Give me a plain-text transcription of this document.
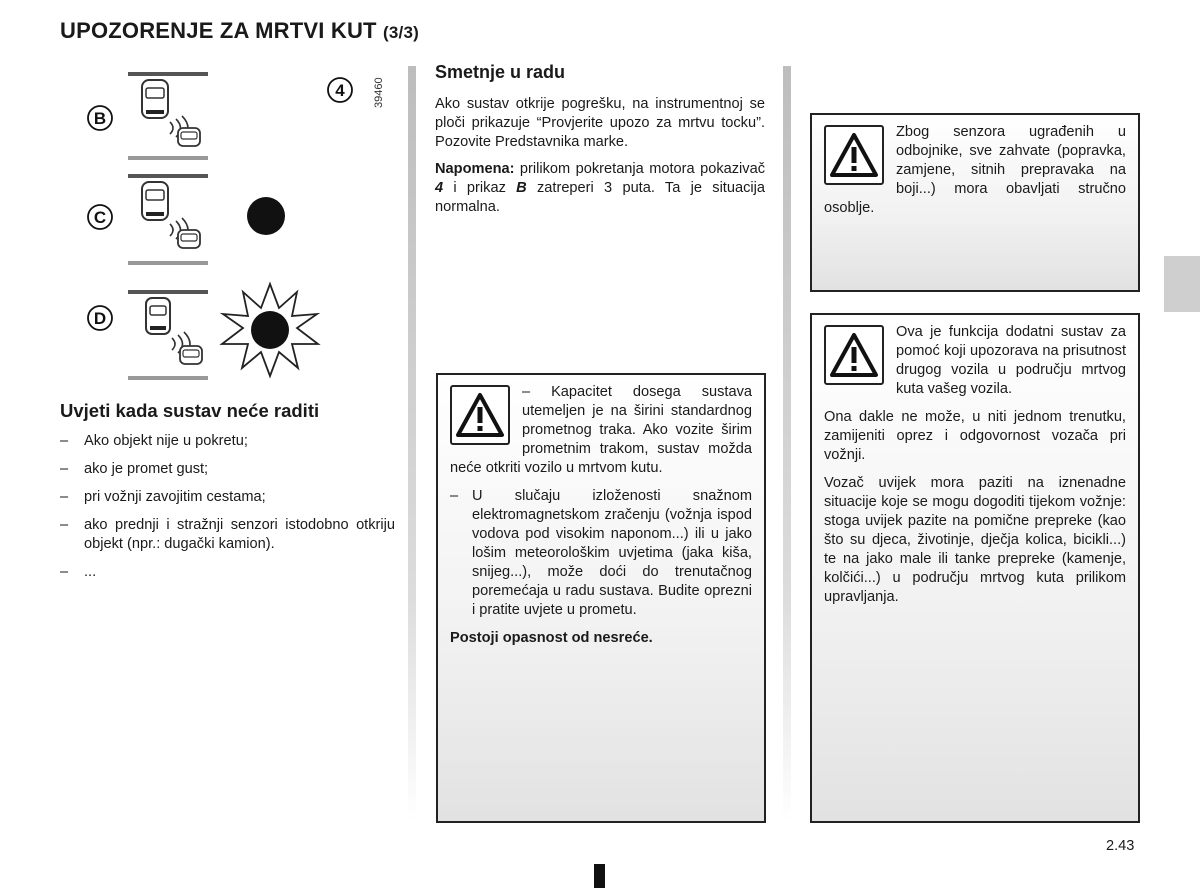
UPOZORENJE ZA MRTVI KUT (3/3)
B
C
D
4	39460
Uvjeti kada sustav neće raditi
– Ako objekt nije u pokretu;
– ako je promet gust;
– pri vožnji zavojitim cestama;
– ako prednji i stražnji senzori istodobno otkriju objekt (npr.: dugački kamion).
– ...
Smetnje u radu

Ako sustav otkrije pogrešku, na instrumentnoj se ploči prikazuje “Provjerite upozo za mrtvu tocku”. Pozovite Predstavnika marke.

Napomena: prilikom pokretanja motora pokazivač 4 i prikaz B zatreperi 3 puta. Ta je situacija normalna.

– Kapacitet dosega sustava utemeljen je na širini standardnog prometnog traka. Ako vozite širim prometnim trakom, sustav možda neće otkriti vozilo u mrtvom kutu.

– U slučaju izloženosti snažnom elektromagnetskom zračenju (vožnja ispod vodova pod visokim naponom...) ili u jako lošim meteorološkim uvjetima (jaka kiša, snijeg...), može doći do trenutačnog poremećaja u radu sustava. Budite oprezni i pratite uvjete u prometu.

Postoji opasnost od nesreće.

Zbog senzora ugrađenih u odbojnike, sve zahvate (popravka, zamjene, sitnih prepravaka na boji...) mora obavljati stručno osoblje.

Ova je funkcija dodatni sustav za pomoć koji upozorava na prisutnost drugog vozila u području mrtvog kuta vašeg vozila.

Ona dakle ne može, u niti jednom trenutku, zamijeniti oprez i odgovornost vozača pri vožnji.

Vozač uvijek mora paziti na iznenadne situacije koje se mogu dogoditi tijekom vožnje: stoga uvijek pazite na pomične prepreke (kao što su djeca, životinje, dječja kolica, bicikli...) te na jako male ili tanke prepreke (kamenje, kolčići...) u području mrtvog kuta prilikom upravljanja.

2.43
